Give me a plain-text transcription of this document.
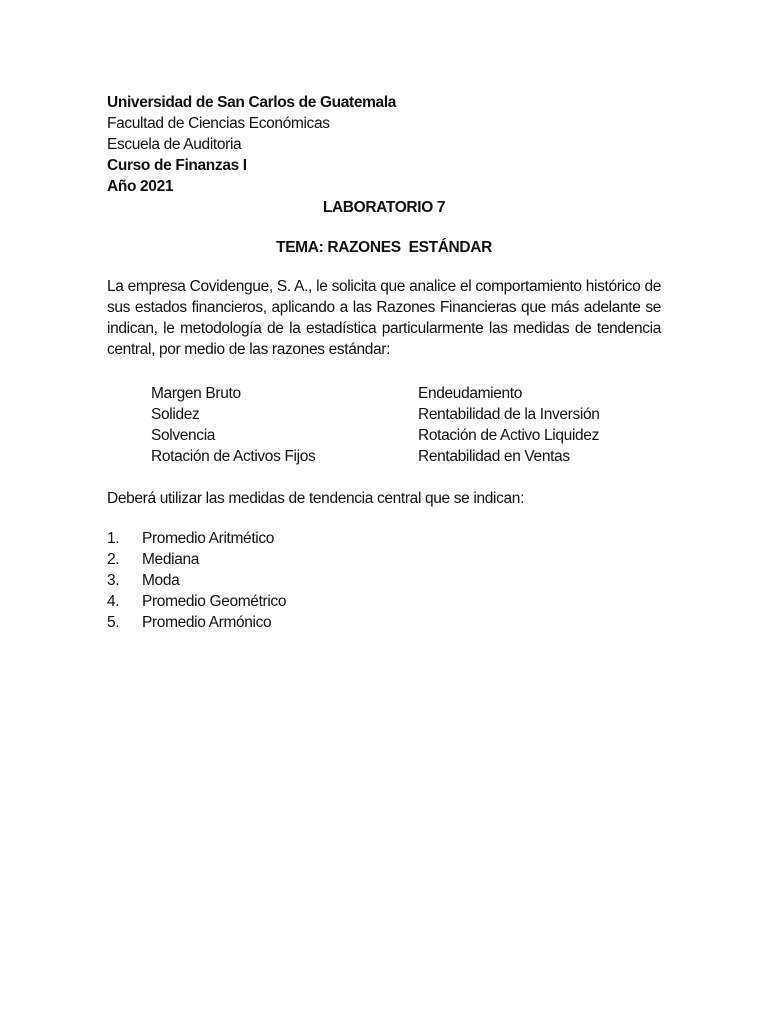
Universidad de San Carlos de Guatemala
Facultad de Ciencias Económicas
Escuela de Auditoria
Curso de Finanzas I
Año 2021
LABORATORIO 7
TEMA: RAZONES  ESTÁNDAR
La empresa Covidengue, S. A., le solicita que analice el comportamiento histórico de sus estados financieros, aplicando a las Razones Financieras que más adelante se indican, le metodología de la estadística particularmente las medidas de tendencia central, por medio de las razones estándar:
Margen Bruto
Solidez
Solvencia
Rotación de Activos Fijos
Endeudamiento
Rentabilidad de la Inversión
Rotación de Activo Liquidez
Rentabilidad en Ventas
Deberá utilizar las medidas de tendencia central que se indican:
1. Promedio Aritmético
2. Mediana
3. Moda
4. Promedio Geométrico
5. Promedio Armónico
